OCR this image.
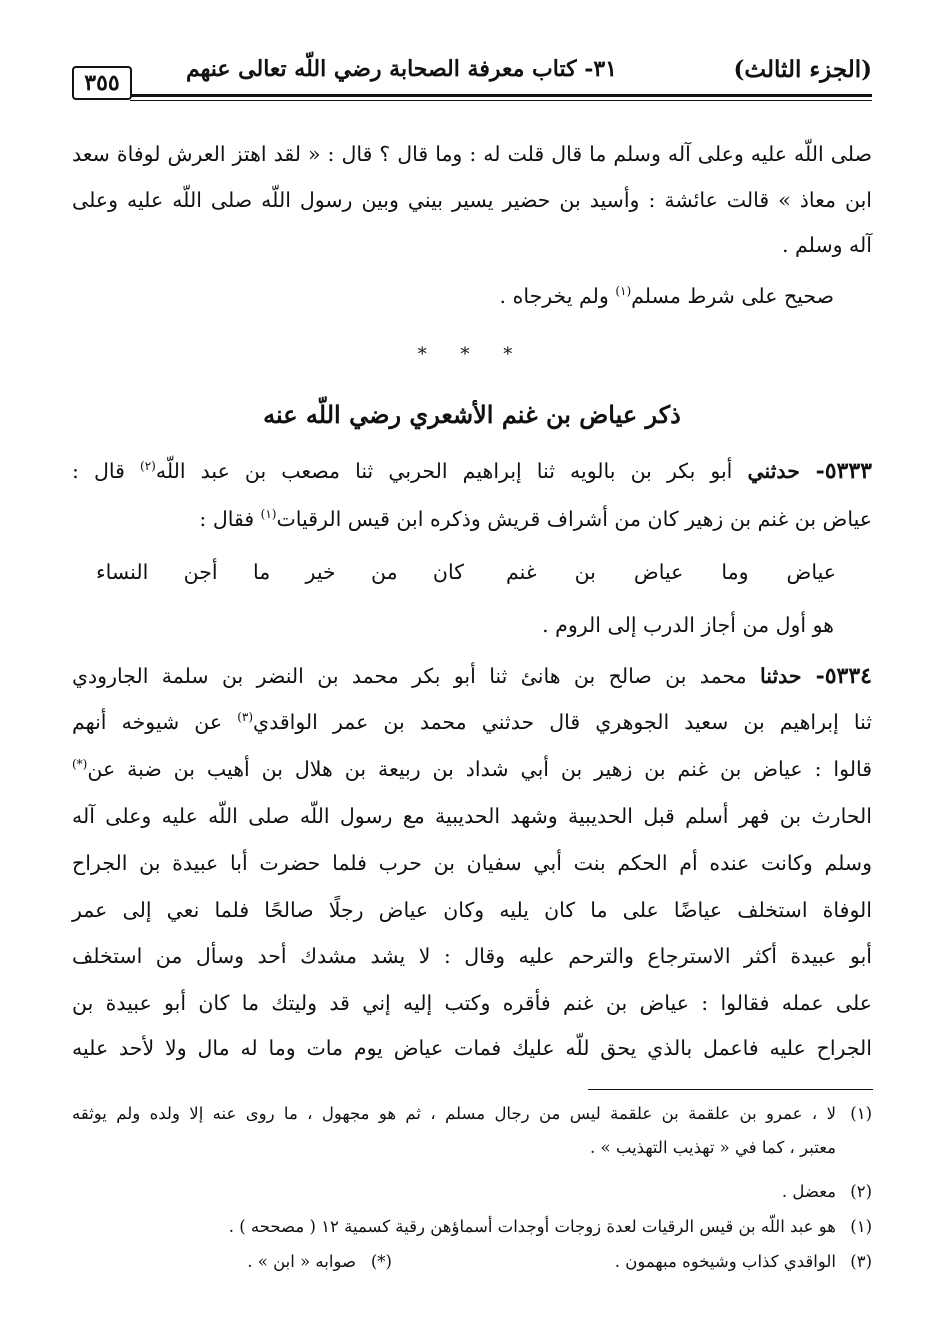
(الجزء الثالث)
٣١- كتاب معرفة الصحابة رضي اللّه تعالى عنهم
٣٥٥
صلى اللّه عليه وعلى آله وسلم ما قال قلت له : وما قال ؟ قال : « لقد اهتز العرش لوفاة سعد
ابن معاذ » قالت عائشة : وأسيد بن حضير يسير بيني وبين رسول اللّه صلى اللّه عليه وعلى
آله وسلم .
صحيح على شرط مسلم$^{(١)}$ ولم يخرجاه .
* * *
ذكر عياض بن غنم الأشعري رضي اللّه عنه
٥٣٣٣- حدثني أبو بكر بن بالويه ثنا إبراهيم الحربي ثنا مصعب بن عبد اللّه$^{(٢)}$ قال :
عياض بن غنم بن زهير كان من أشراف قريش وذكره ابن قيس الرقيات$^{(١)}$ فقال :
عياض وما عياض بن غنم
كان من خير ما أجن النساء
هو أول من أجاز الدرب إلى الروم .
٥٣٣٤- حدثنا محمد بن صالح بن هانئ ثنا أبو بكر محمد بن النضر بن سلمة الجارودي
ثنا إبراهيم بن سعيد الجوهري قال حدثني محمد بن عمر الواقدي$^{(٣)}$ عن شيوخه أنهم
قالوا : عياض بن غنم بن زهير بن أبي شداد بن ربيعة بن هلال بن أهيب بن ضبة عن(*)
الحارث بن فهر أسلم قبل الحديبية وشهد الحديبية مع رسول اللّه صلى اللّه عليه وعلى آله
وسلم وكانت عنده أم الحكم بنت أبي سفيان بن حرب فلما حضرت أبا عبيدة بن الجراح
الوفاة استخلف عياضًا على ما كان يليه وكان عياض رجلًا صالحًا فلما نعي إلى عمر
أبو عبيدة أكثر الاسترجاع والترحم عليه وقال : لا يشد مشدك أحد وسأل من استخلف
على عمله فقالوا : عياض بن غنم فأقره وكتب إليه إني قد وليتك ما كان أبو عبيدة بن
الجراح عليه فاعمل بالذي يحق للّه عليك فمات عياض يوم مات وما له مال ولا لأحد عليه
(١)لا ، عمرو بن علقمة بن علقمة ليس من رجال مسلم ، ثم هو مجهول ، ما روى عنه إلا ولده ولم يوثقه
معتبر ، كما في « تهذيب التهذيب » .
(٢)معضل .
(١)هو عبد اللّه بن قيس الرقيات لعدة زوجات أوجدات أسماؤهن رقية كسمية ١٢ ( مصححه ) .
(٣)الواقدي كذاب وشيخوه مبهمون .
(*)صوابه « ابن » .
